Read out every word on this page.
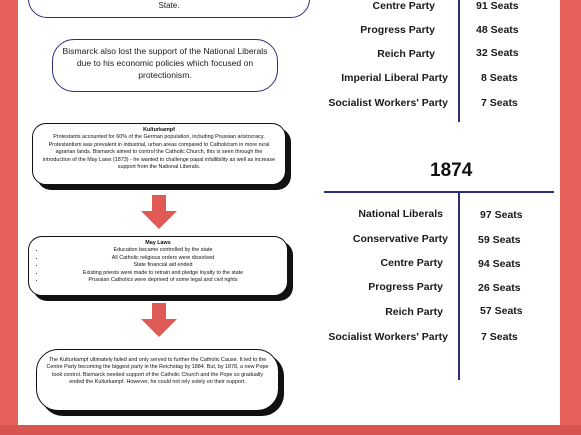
State.
Bismarck also lost the support of the National Liberals due to his economic policies which focused on protectionism.
Kulturkampf
Protestants accounted for 60% of the German population, including Prussian aristocracy. Protestantism was prevalent in industrial, urban areas compared to Catholicism in more rural agrarian lands. Bismarck aimed to control the Catholic Church, this is seen through the introduction of the May Laws (1873) - he wanted to challenge papal infallibility as well as increase support from the National Liberals.
May Laws
• Education became controlled by the state
• All Catholic religious orders were dissolved
• State financial aid ended
• Existing priests were made to retrain and pledge loyalty to the state
• Prussian Catholics were deprived of some legal and civil rights
The Kulturkampf ultimately failed and only served to further the Catholic Cause. It led to the Centre Party becoming the biggest party in the Reichstag by 1884. But, by 1878, a new Pope took control. Bismarck needed support of the Catholic Church and the Pope so gradually ended the Kulturkampf. However, he could not rely solely on their support.
Centre Party	91 Seats
Progress Party	48 Seats
Reich Party	32 Seats
Imperial Liberal Party	8 Seats
Socialist Workers' Party	7 Seats
1874
National Liberals	97 Seats
Conservative Party	59 Seats
Centre Party	94 Seats
Progress Party	26 Seats
Reich Party	57 Seats
Socialist Workers' Party	7 Seats
